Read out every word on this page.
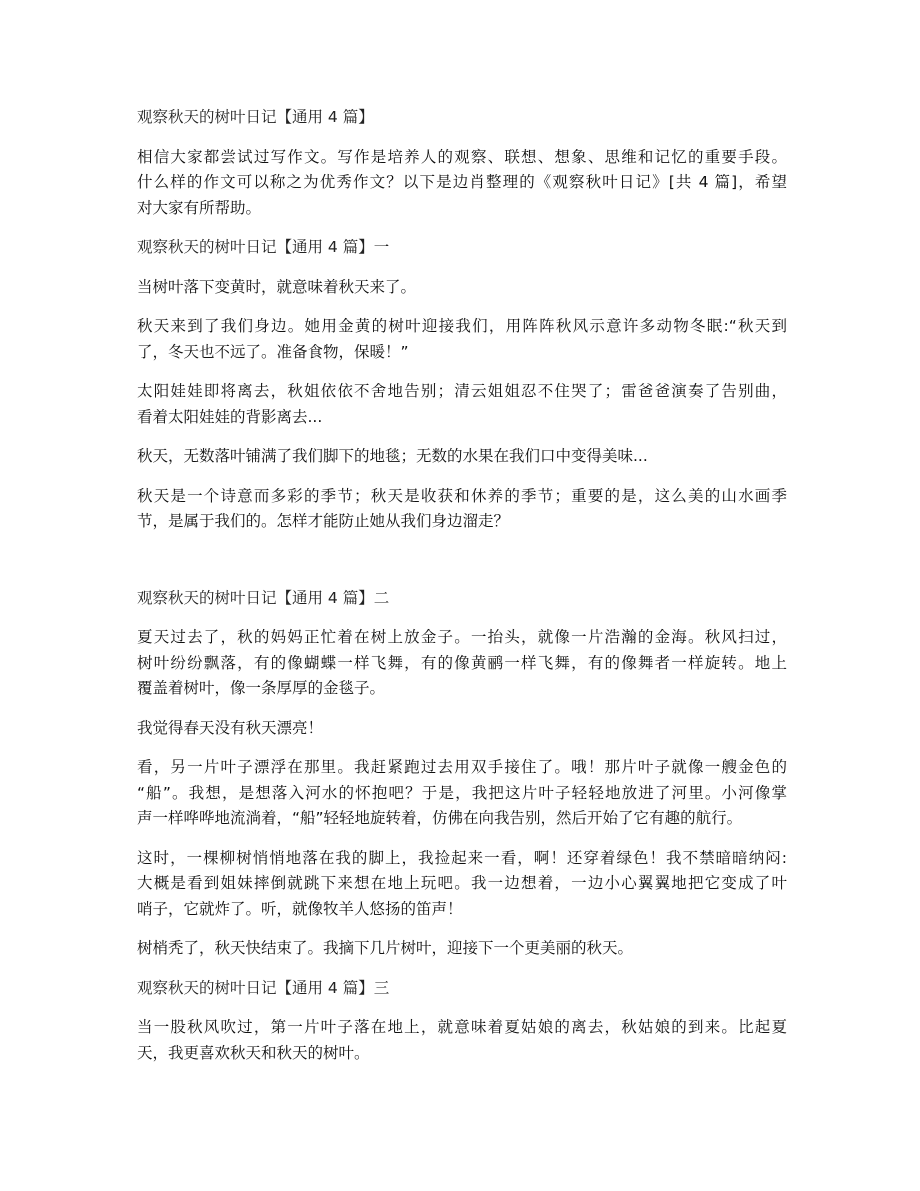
观察秋天的树叶日记【通用 4 篇】
相信大家都尝试过写作文。写作是培养人的观察、联想、想象、思维和记忆的重要手段。
什么样的作文可以称之为优秀作文？以下是边肖整理的《观察秋叶日记》[共 4 篇]，希望
对大家有所帮助。
观察秋天的树叶日记【通用 4 篇】一
当树叶落下变黄时，就意味着秋天来了。
秋天来到了我们身边。她用金黄的树叶迎接我们，用阵阵秋风示意许多动物冬眠:“秋天到
了，冬天也不远了。准备食物，保暖！”
太阳娃娃即将离去，秋姐依依不舍地告别；清云姐姐忍不住哭了；雷爸爸演奏了告别曲，
看着太阳娃娃的背影离去...
秋天，无数落叶铺满了我们脚下的地毯；无数的水果在我们口中变得美味...
秋天是一个诗意而多彩的季节；秋天是收获和休养的季节；重要的是，这么美的山水画季
节，是属于我们的。怎样才能防止她从我们身边溜走？
观察秋天的树叶日记【通用 4 篇】二
夏天过去了，秋的妈妈正忙着在树上放金子。一抬头，就像一片浩瀚的金海。秋风扫过，
树叶纷纷飘落，有的像蝴蝶一样飞舞，有的像黄鹂一样飞舞，有的像舞者一样旋转。地上
覆盖着树叶，像一条厚厚的金毯子。
我觉得春天没有秋天漂亮！
看，另一片叶子漂浮在那里。我赶紧跑过去用双手接住了。哦！那片叶子就像一艘金色的
“船”。我想，是想落入河水的怀抱吧？于是，我把这片叶子轻轻地放进了河里。小河像掌
声一样哗哗地流淌着，“船”轻轻地旋转着，仿佛在向我告别，然后开始了它有趣的航行。
这时，一棵柳树悄悄地落在我的脚上，我捡起来一看，啊！还穿着绿色！我不禁暗暗纳闷:
大概是看到姐妹摔倒就跳下来想在地上玩吧。我一边想着，一边小心翼翼地把它变成了叶
哨子，它就炸了。听，就像牧羊人悠扬的笛声！
树梢秃了，秋天快结束了。我摘下几片树叶，迎接下一个更美丽的秋天。
观察秋天的树叶日记【通用 4 篇】三
当一股秋风吹过，第一片叶子落在地上，就意味着夏姑娘的离去，秋姑娘的到来。比起夏
天，我更喜欢秋天和秋天的树叶。
